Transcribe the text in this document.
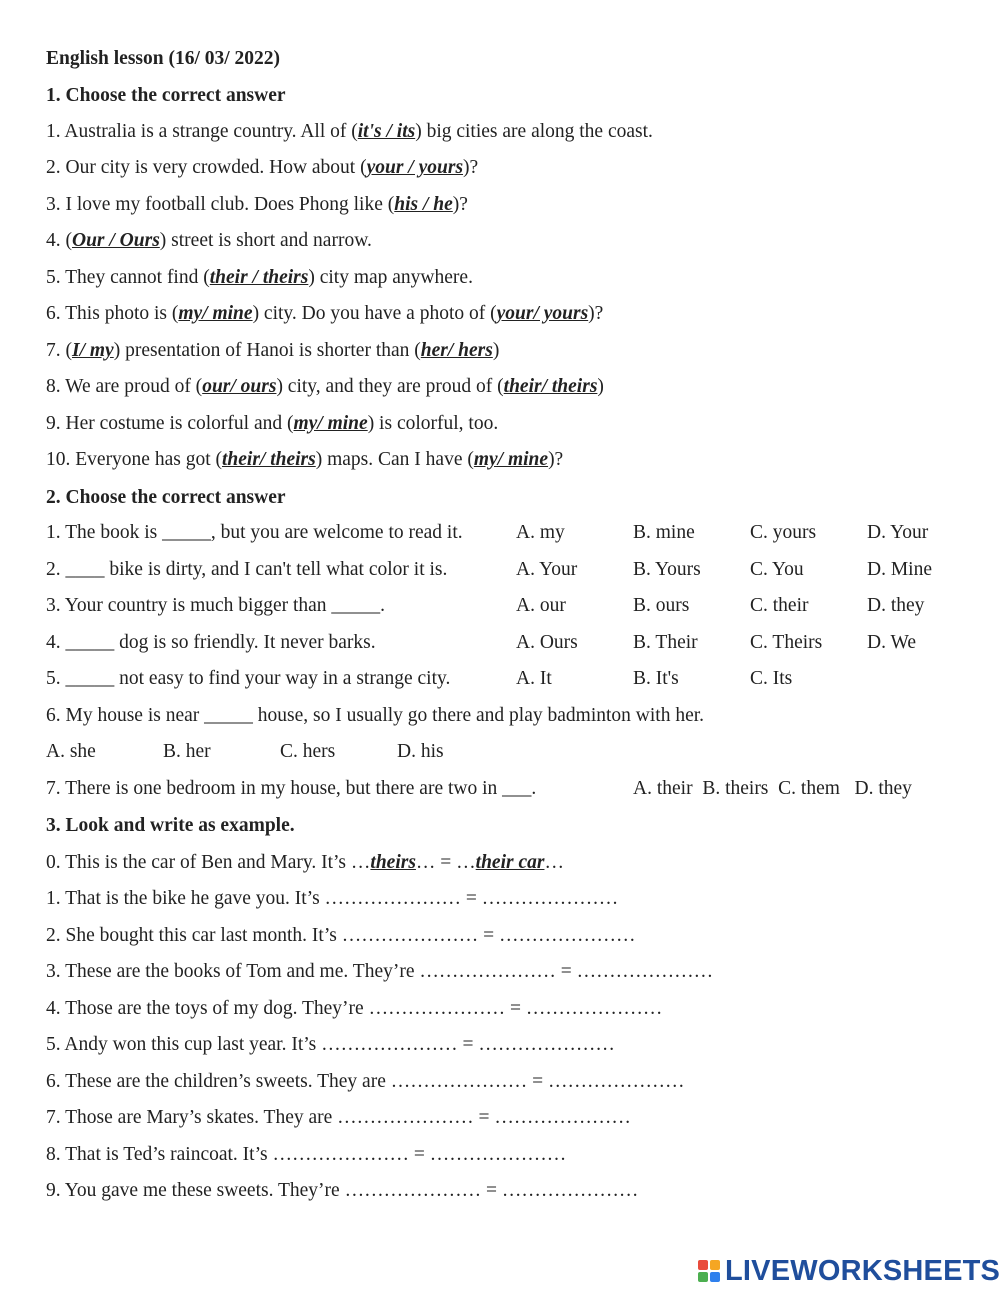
English lesson (16/ 03/ 2022)
1. Choose the correct answer
1. Australia is a strange country. All of (it's / its) big cities are along the coast.
2. Our city is very crowded. How about (your / yours)?
3. I love my football club. Does Phong like (his / he)?
4. (Our / Ours) street is short and narrow.
5. They cannot find (their / theirs) city map anywhere.
6. This photo is (my/ mine) city. Do you have a photo of (your/ yours)?
7. (I/ my) presentation of Hanoi is shorter than (her/ hers)
8. We are proud of (our/ ours) city, and they are proud of (their/ theirs)
9. Her costume is colorful and (my/ mine) is colorful, too.
10. Everyone has got (their/ theirs) maps. Can I have (my/ mine)?
2. Choose the correct answer
1. The book is _____, but you are welcome to read it.	A. my	B. mine	C. yours	D. Your
2. ____ bike is dirty, and I can't tell what color it is.	A. Your	B. Yours	C. You	D. Mine
3. Your country is much bigger than _____.	A. our	B. ours	C. their	D. they
4. _____ dog is so friendly. It never barks.	A. Ours	B. Their	C. Theirs D. We
5. _____ not easy to find your way in a strange city.	A. It	B. It's	C. Its
6. My house is near _____ house, so I usually go there and play badminton with her.
A. she	B. her	C. hers	D. his
7. There is one bedroom in my house, but there are two in ___.	A. their  B. theirs  C. them   D. they
3. Look and write as example.
0. This is the car of Ben and Mary. It’s …theirs… = …their car…
1. That is the bike he gave you. It’s ………………… = …………………
2. She bought this car last month. It’s ………………… = …………………
3. These are the books of Tom and me. They’re ………………… = …………………
4. Those are the toys of my dog. They’re ………………… = …………………
5. Andy won this cup last year. It’s ………………… = …………………
6. These are the children’s sweets. They are ………………… = …………………
7. Those are Mary’s skates. They are ………………… = …………………
8. That is Ted’s raincoat. It’s ………………… = …………………
9. You gave me these sweets. They’re ………………… = …………………
LIVEWORKSHEETS
